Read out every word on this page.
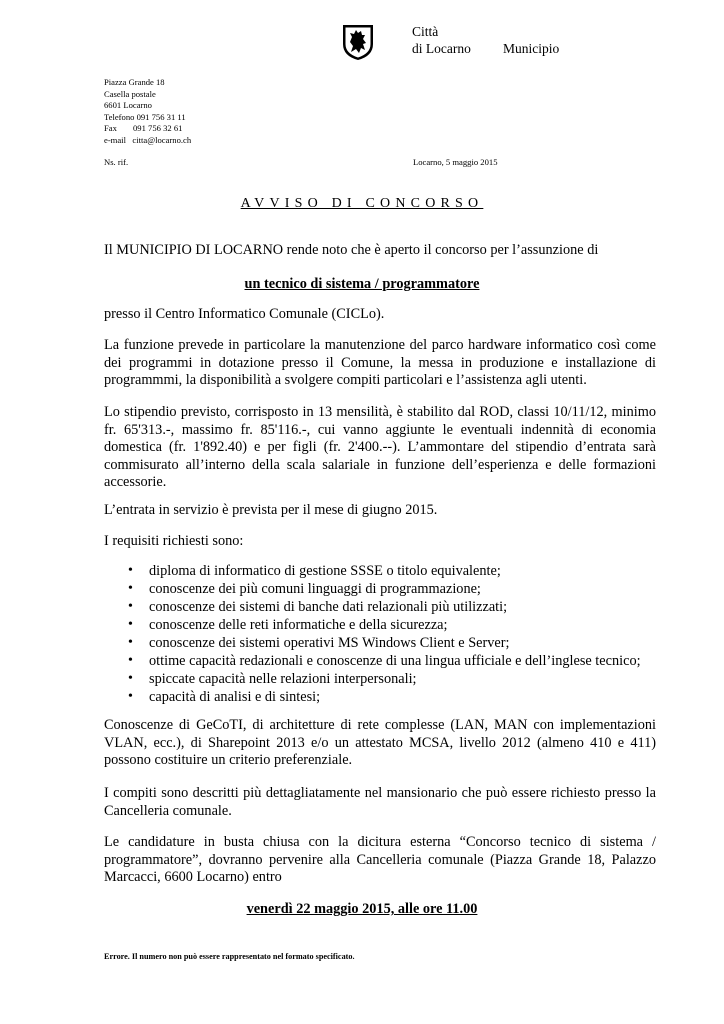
Città
di Locarno Municipio
Piazza Grande 18
Casella postale
6601 Locarno
Telefono 091 756 31 11
Fax 091 756 32 61
e-mail citta@locarno.ch
Ns. rif.	Locarno, 5 maggio 2015
AVVISO DI CONCORSO
Il MUNICIPIO DI LOCARNO rende noto che è aperto il concorso per l’assunzione di
un tecnico di sistema / programmatore
presso il Centro Informatico Comunale (CICLo).
La funzione prevede in particolare la manutenzione del parco hardware informatico così come dei programmi in dotazione presso il Comune, la messa in produzione e installazione di programmmi, la disponibilità a svolgere compiti particolari e l’assistenza agli utenti.
Lo stipendio previsto, corrisposto in 13 mensilità, è stabilito dal ROD, classi 10/11/12, minimo fr. 65'313.-, massimo fr. 85'116.-, cui vanno aggiunte le eventuali indennità di economia domestica (fr. 1'892.40) e per figli (fr. 2'400.--). L’ammontare del stipendio d’entrata sarà commisurato all’interno della scala salariale in funzione dell’esperienza e delle formazioni accessorie.
L’entrata in servizio è prevista per il mese di giugno 2015.
I requisiti richiesti sono:
• diploma di informatico di gestione SSSE o titolo equivalente;
• conoscenze dei più comuni linguaggi di programmazione;
• conoscenze dei sistemi di banche dati relazionali più utilizzati;
• conoscenze delle reti informatiche e della sicurezza;
• conoscenze dei sistemi operativi MS Windows Client e Server;
• ottime capacità redazionali e conoscenze di una lingua ufficiale e dell’inglese tecnico;
• spiccate capacità nelle relazioni interpersonali;
• capacità di analisi e di sintesi;
Conoscenze di GeCoTI, di architetture di rete complesse (LAN, MAN con implementazioni VLAN, ecc.), di Sharepoint 2013 e/o un attestato MCSA, livello 2012 (almeno 410 e 411) possono costituire un criterio preferenziale.
I compiti sono descritti più dettagliatamente nel mansionario che può essere richiesto presso la Cancelleria comunale.
Le candidature in busta chiusa con la dicitura esterna “Concorso tecnico di sistema / programmatore”, dovranno pervenire alla Cancelleria comunale (Piazza Grande 18, Palazzo Marcacci, 6600 Locarno) entro
venerdì 22 maggio 2015, alle ore 11.00
Errore. Il numero non può essere rappresentato nel formato specificato.
